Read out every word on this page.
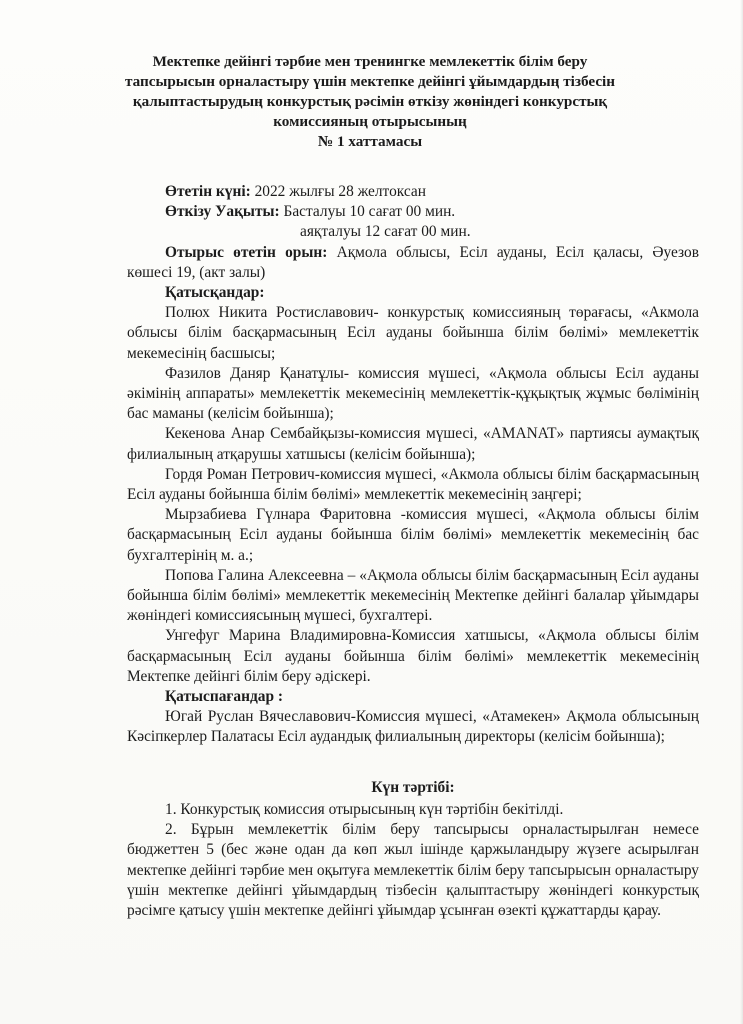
Мектепке дейінгі тәрбие мен тренингке мемлекеттік білім беру
тапсырысын орналастыру үшін мектепке дейінгі ұйымдардың тізбесін
қалыптастырудың конкурстық рәсімін өткізу жөніндегі конкурстық
комиссияның отырысының
№ 1 хаттамасы
Өтетін күні: 2022 жылғы 28 желтоксан
Өткізу Уақыты: Басталуы 10 сағат 00 мин.
аяқталуы 12 сағат 00 мин.
Отырыс өтетін орын: Ақмола облысы, Есіл ауданы, Есіл қаласы, Әуезов көшесі 19, (акт залы)
Қатысқандар:
Полюх Никита Ростиславович- конкурстық комиссияның төрағасы, «Акмола облысы білім басқармасының Есіл ауданы бойынша білім бөлімі» мемлекеттік мекемесінің басшысы;
Фазилов Даняр Қанатұлы- комиссия мүшесі, «Ақмола облысы Есіл ауданы әкімінің аппараты» мемлекеттік мекемесінің мемлекеттік-құқықтық жұмыс бөлімінің бас маманы (келісім бойынша);
Кекенова Анар Сембайқызы-комиссия мүшесі, «AMANAT» партиясы аумақтық филиалының атқарушы хатшысы (келісім бойынша);
Гордя Роман Петрович-комиссия мүшесі, «Акмола облысы білім басқармасының Есіл ауданы бойынша білім бөлімі» мемлекеттік мекемесінің заңгері;
Мырзабиева Гүлнара Фаритовна -комиссия мүшесі, «Ақмола облысы білім басқармасының Есіл ауданы бойынша білім бөлімі» мемлекеттік мекемесінің бас бухгалтерінің м. а.;
Попова Галина Алексеевна – «Ақмола облысы білім басқармасының Есіл ауданы бойынша білім бөлімі» мемлекеттік мекемесінің Мектепке дейінгі балалар ұйымдары жөніндегі комиссиясының мүшесі, бухгалтері.
Унгефуг Марина Владимировна-Комиссия хатшысы, «Ақмола облысы білім басқармасының Есіл ауданы бойынша білім бөлімі» мемлекеттік мекемесінің Мектепке дейінгі білім беру әдіскері.
Қатыспағандар :
Югай Руслан Вячеславович-Комиссия мүшесі, «Атамекен» Ақмола облысының Кәсіпкерлер Палатасы Есіл аудандық филиалының директоры (келісім бойынша);
Күн тәртібі:
1. Конкурстық комиссия отырысының күн тәртібін бекітілді.
2. Бұрын мемлекеттік білім беру тапсырысы орналастырылған немесе бюджеттен 5 (бес және одан да көп жыл ішінде қаржыландыру жүзеге асырылған мектепке дейінгі тәрбие мен оқытуға мемлекеттік білім беру тапсырысын орналастыру үшін мектепке дейінгі ұйымдардың тізбесін қалыптастыру жөніндегі конкурстық рәсімге қатысу үшін мектепке дейінгі ұйымдар ұсынған өзекті құжаттарды қарау.
